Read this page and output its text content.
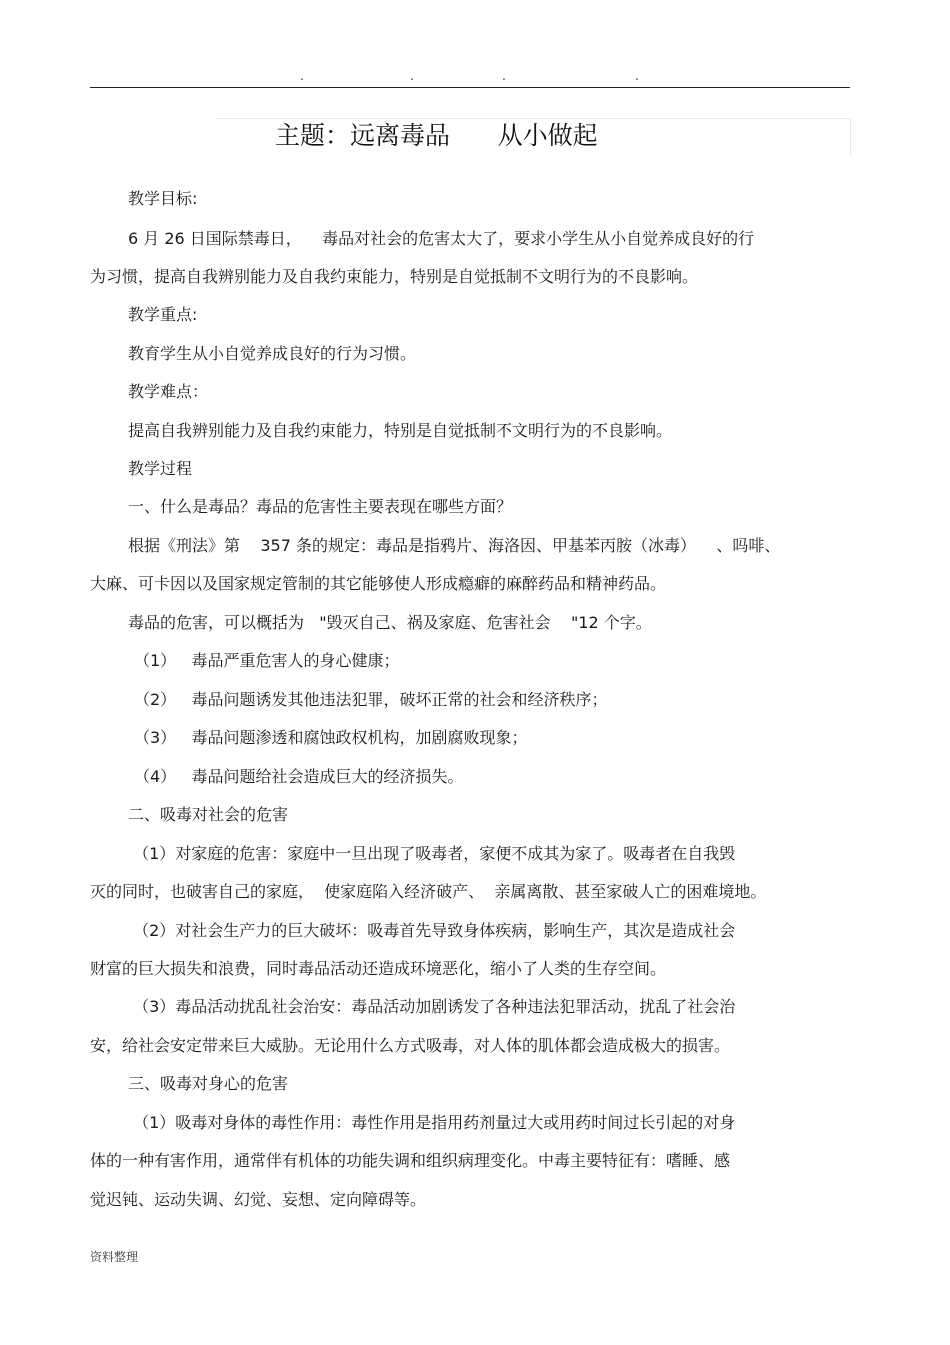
.	.	.	.
主题：远离毒品      从小做起
教学目标:
6 月 26 日国际禁毒日，    毒品对社会的危害太大了，要求小学生从小自觉养成良好的行
为习惯，提高自我辨别能力及自我约束能力，特别是自觉抵制不文明行为的不良影响。
教学重点:
教育学生从小自觉养成良好的行为习惯。
教学难点：
提高自我辨别能力及自我约束能力，特别是自觉抵制不文明行为的不良影响。
教学过程
一、什么是毒品？毒品的危害性主要表现在哪些方面？
根据《刑法》第    357 条的规定：毒品是指鸦片、海洛因、甲基苯丙胺（冰毒）    、吗啡、
大麻、可卡因以及国家规定管制的其它能够使人形成瘾癖的麻醉药品和精神药品。
毒品的危害，可以概括为   "毁灭自己、祸及家庭、危害社会    "12 个字。
（1）   毒品严重危害人的身心健康；
（2）   毒品问题诱发其他违法犯罪，破坏正常的社会和经济秩序；
（3）   毒品问题渗透和腐蚀政权机构，加剧腐败现象；
（4）   毒品问题给社会造成巨大的经济损失。
二、吸毒对社会的危害
（1）对家庭的危害：家庭中一旦出现了吸毒者，家便不成其为家了。吸毒者在自我毁
灭的同时，也破害自己的家庭，  使家庭陷入经济破产、  亲属离散、甚至家破人亡的困难境地。
（2）对社会生产力的巨大破坏：吸毒首先导致身体疾病，影响生产，其次是造成社会
财富的巨大损失和浪费，同时毒品活动还造成环境恶化，缩小了人类的生存空间。
（3）毒品活动扰乱社会治安：毒品活动加剧诱发了各种违法犯罪活动，扰乱了社会治
安，给社会安定带来巨大威胁。无论用什么方式吸毒，对人体的肌体都会造成极大的损害。
三、吸毒对身心的危害
（1）吸毒对身体的毒性作用：毒性作用是指用药剂量过大或用药时间过长引起的对身
体的一种有害作用，通常伴有机体的功能失调和组织病理变化。中毒主要特征有：嗜睡、感
觉迟钝、运动失调、幻觉、妄想、定向障碍等。
资料整理
